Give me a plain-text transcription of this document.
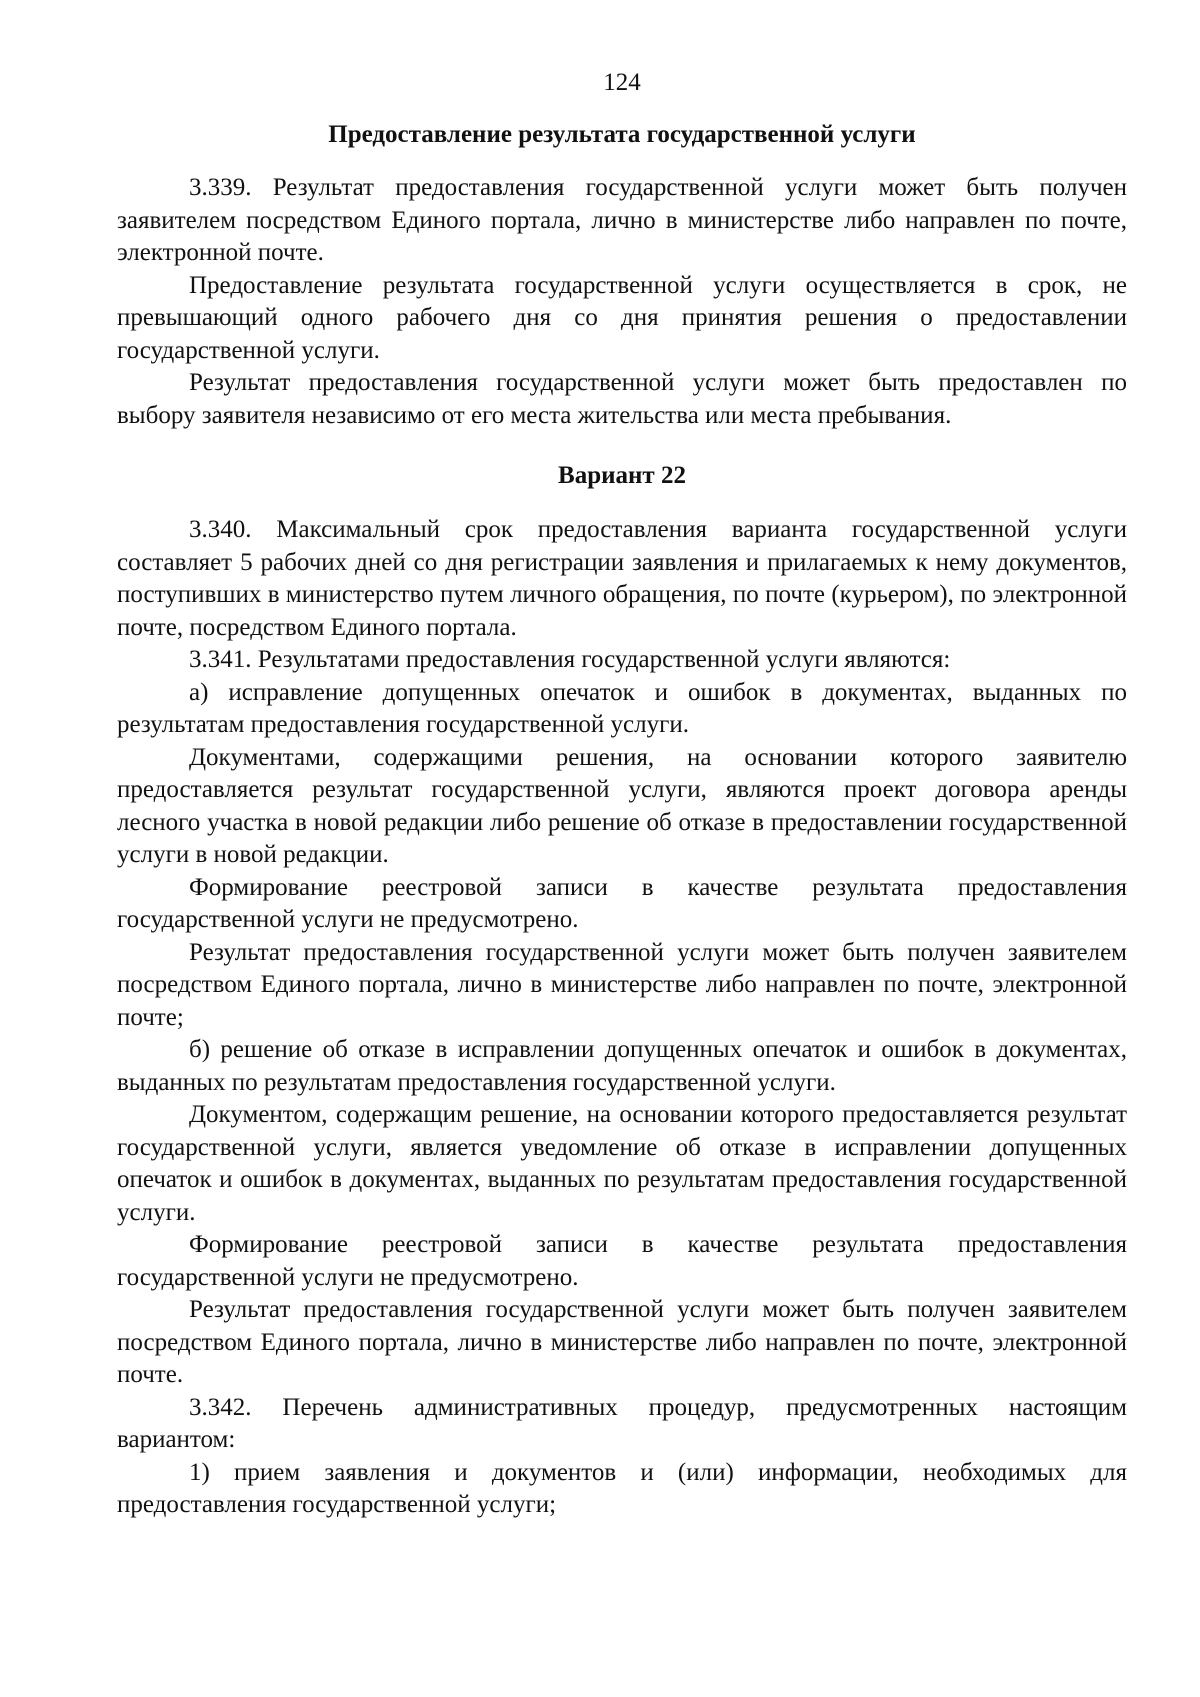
124
Предоставление результата государственной услуги

3.339. Результат предоставления государственной услуги может быть получен заявителем посредством Единого портала, лично в министерстве либо направлен по почте, электронной почте.

Предоставление результата государственной услуги осуществляется в срок, не превышающий одного рабочего дня со дня принятия решения о предоставлении государственной услуги.

Результат предоставления государственной услуги может быть предоставлен по выбору заявителя независимо от его места жительства или места пребывания.

Вариант 22

3.340. Максимальный срок предоставления варианта государственной услуги составляет 5 рабочих дней со дня регистрации заявления и прилагаемых к нему документов, поступивших в министерство путем личного обращения, по почте (курьером), по электронной почте, посредством Единого портала.

3.341. Результатами предоставления государственной услуги являются:

а) исправление допущенных опечаток и ошибок в документах, выданных по результатам предоставления государственной услуги.

Документами, содержащими решения, на основании которого заявителю предоставляется результат государственной услуги, являются проект договора аренды лесного участка в новой редакции либо решение об отказе в предоставлении государственной услуги в новой редакции.

Формирование реестровой записи в качестве результата предоставления государственной услуги не предусмотрено.

Результат предоставления государственной услуги может быть получен заявителем посредством Единого портала, лично в министерстве либо направлен по почте, электронной почте;

б) решение об отказе в исправлении допущенных опечаток и ошибок в документах, выданных по результатам предоставления государственной услуги.

Документом, содержащим решение, на основании которого предоставляется результат государственной услуги, является уведомление об отказе в исправлении допущенных опечаток и ошибок в документах, выданных по результатам предоставления государственной услуги.

Формирование реестровой записи в качестве результата предоставления государственной услуги не предусмотрено.

Результат предоставления государственной услуги может быть получен заявителем посредством Единого портала, лично в министерстве либо направлен по почте, электронной почте.

3.342. Перечень административных процедур, предусмотренных настоящим вариантом:

1) прием заявления и документов и (или) информации, необходимых для предоставления государственной услуги;
